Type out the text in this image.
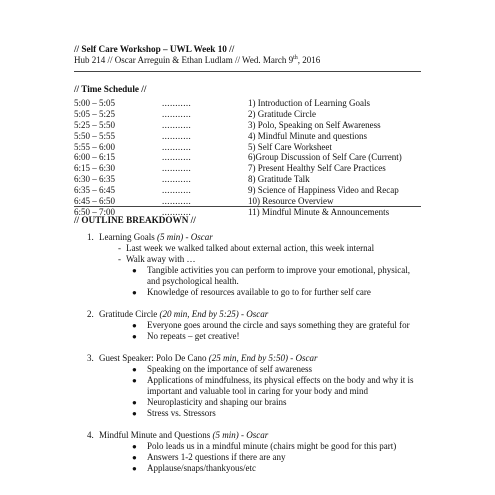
// Self Care Workshop – UWL Week 10 //
Hub 214 // Oscar Arreguin & Ethan Ludlam // Wed. March 9th, 2016
// Time Schedule //
5:00 – 5:05	...........	1) Introduction of Learning Goals
5:05 – 5:25	...........	2) Gratitude Circle
5:25 – 5:50	...........	3) Polo, Speaking on Self Awareness
5:50 – 5:55	...........	4) Mindful Minute and questions
5:55 – 6:00	...........	5) Self Care Worksheet
6:00 – 6:15	...........	6)Group Discussion of Self Care (Current)
6:15 – 6:30	...........	7) Present Healthy Self Care Practices
6:30 – 6:35	...........	8) Gratitude Talk
6:35 – 6:45	...........	9) Science of Happiness Video and Recap
6:45 – 6:50	...........	10) Resource Overview
6:50 – 7:00	...........	11) Mindful Minute & Announcements
// OUTLINE BREAKDOWN //
1. Learning Goals (5 min) - Oscar
- Last week we walked talked about external action, this week internal
- Walk away with …
● Tangible activities you can perform to improve your emotional, physical, and psychological health.
● Knowledge of resources available to go to for further self care
2. Gratitude Circle (20 min, End by 5:25) - Oscar
● Everyone goes around the circle and says something they are grateful for
● No repeats – get creative!
3. Guest Speaker: Polo De Cano (25 min, End by 5:50) - Oscar
● Speaking on the importance of self awareness
● Applications of mindfulness, its physical effects on the body and why it is important and valuable tool in caring for your body and mind
● Neuroplasticity and shaping our brains
● Stress vs. Stressors
4. Mindful Minute and Questions (5 min) - Oscar
● Polo leads us in a mindful minute (chairs might be good for this part)
● Answers 1-2 questions if there are any
● Applause/snaps/thankyous/etc
